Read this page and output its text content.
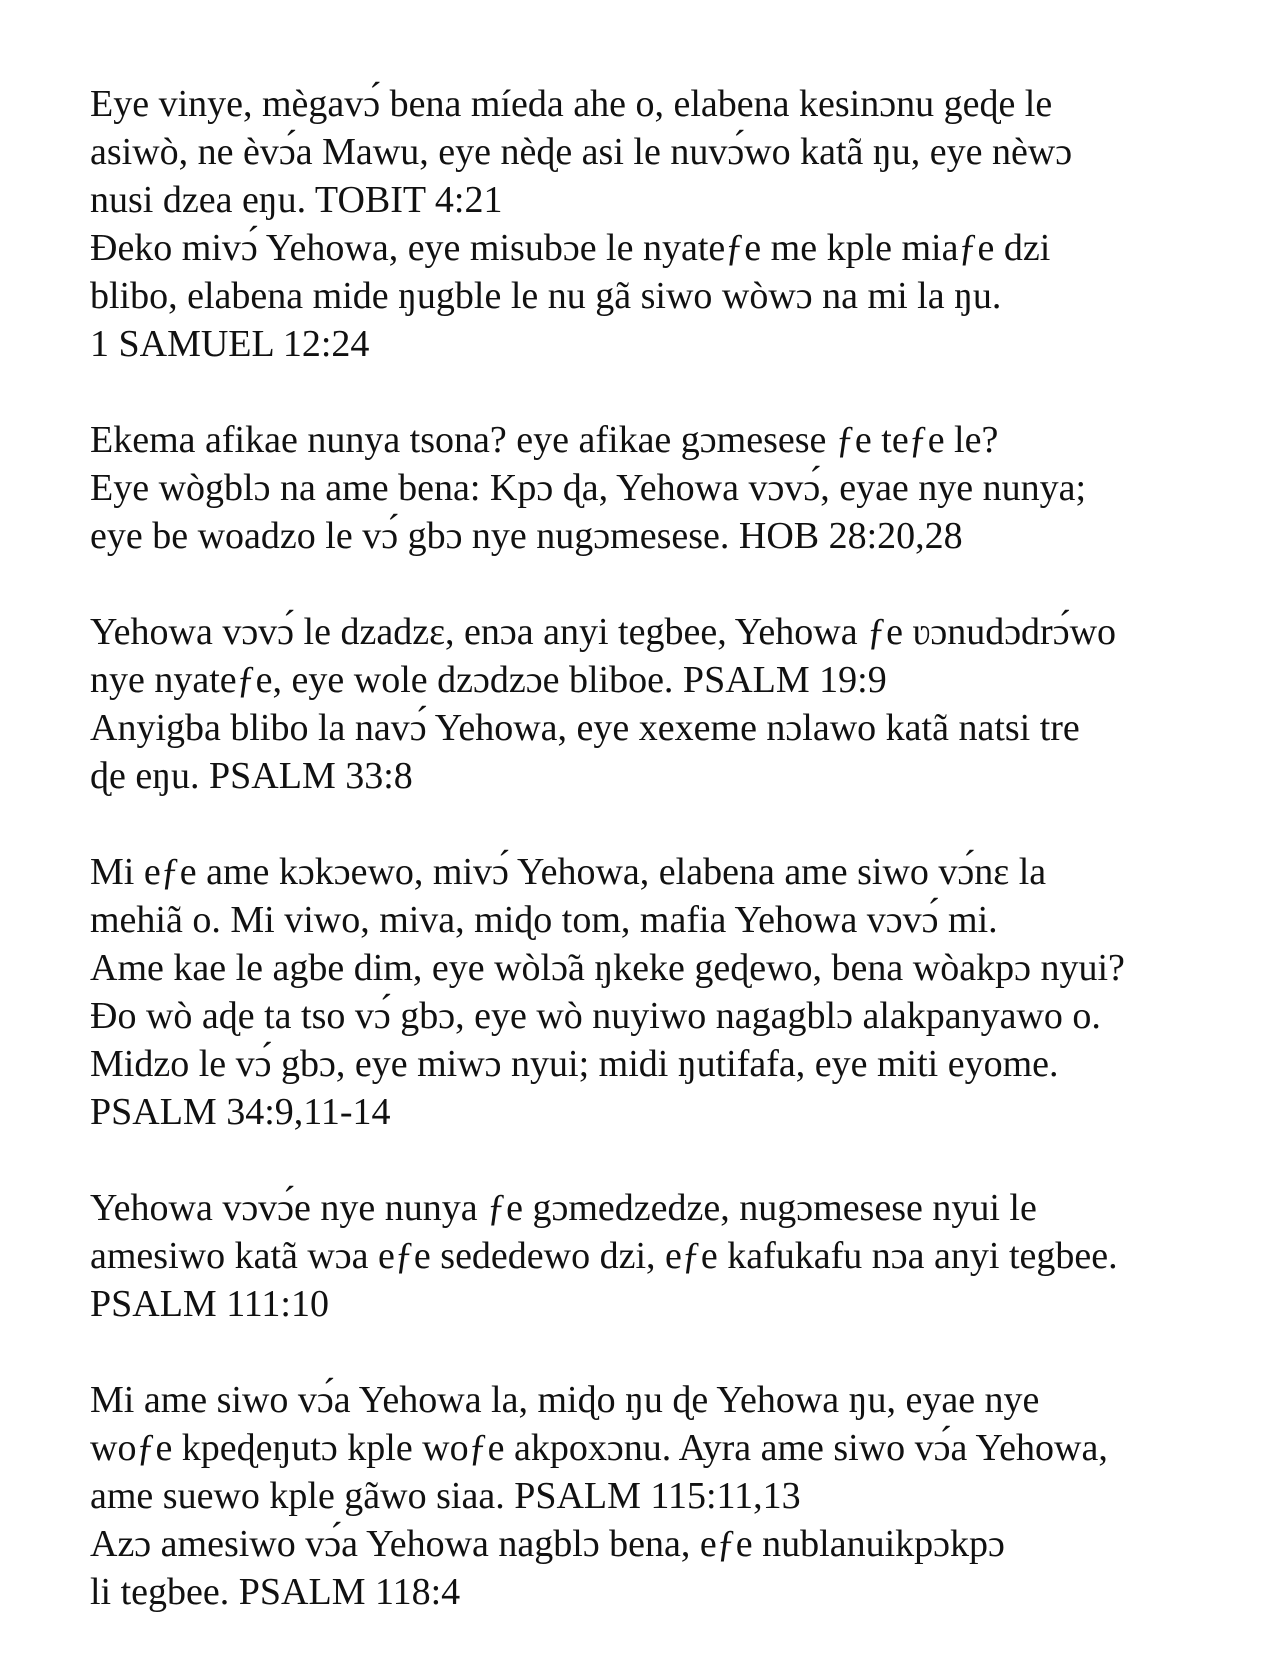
Eye vinye, mègavɔ́ bena míeda ahe o, elabena kesinɔnu geɖe le
asiwò, ne èvɔ́a Mawu, eye nèɖe asi le nuvɔ́wo katã ŋu, eye nèwɔ
nusi dzea eŋu. TOBIT 4:21
Ɖeko mivɔ́ Yehowa, eye misubɔe le nyateƒe me kple miaƒe dzi
blibo, elabena mide ŋugble le nu gã siwo wòwɔ na mi la ŋu.
1 SAMUEL 12:24
Ekema afikae nunya tsona? eye afikae gɔmesese ƒe teƒe le?
Eye wògblɔ na ame bena: Kpɔ ɖa, Yehowa vɔvɔ́, eyae nye nunya;
eye be woadzo le vɔ́ gbɔ nye nugɔmesese. HOB 28:20,28
Yehowa vɔvɔ́ le dzadzɛ, enɔa anyi tegbee, Yehowa ƒe ʋɔnudɔdrɔ́wo
nye nyateƒe, eye wole dzɔdzɔe bliboe. PSALM 19:9
Anyigba blibo la navɔ́ Yehowa, eye xexeme nɔlawo katã natsi tre
ɖe eŋu. PSALM 33:8
Mi eƒe ame kɔkɔewo, mivɔ́ Yehowa, elabena ame siwo vɔ́nɛ la
mehiã o. Mi viwo, miva, miɖo tom, mafia Yehowa vɔvɔ́ mi.
Ame kae le agbe dim, eye wòlɔ̃a ŋkeke geɖewo, bena wòakpɔ nyui?
Ɖo wò aɖe ta tso vɔ́ gbɔ, eye wò nuyiwo nagagblɔ alakpanyawo o.
Midzo le vɔ́ gbɔ, eye miwɔ nyui; midi ŋutifafa, eye miti eyome.
PSALM 34:9,11-14
Yehowa vɔvɔ́e nye nunya ƒe gɔmedzedze, nugɔmesese nyui le
amesiwo katã wɔa eƒe sededewo dzi, eƒe kafukafu nɔa anyi tegbee.
PSALM 111:10
Mi ame siwo vɔ́a Yehowa la, miɖo ŋu ɖe Yehowa ŋu, eyae nye
woƒe kpeɖeŋutɔ kple woƒe akpoxɔnu. Ayra ame siwo vɔ́a Yehowa,
ame suewo kple gãwo siaa. PSALM 115:11,13
Azɔ amesiwo vɔ́a Yehowa nagblɔ bena, eƒe nublanuikpɔkpɔ
li tegbee. PSALM 118:4
